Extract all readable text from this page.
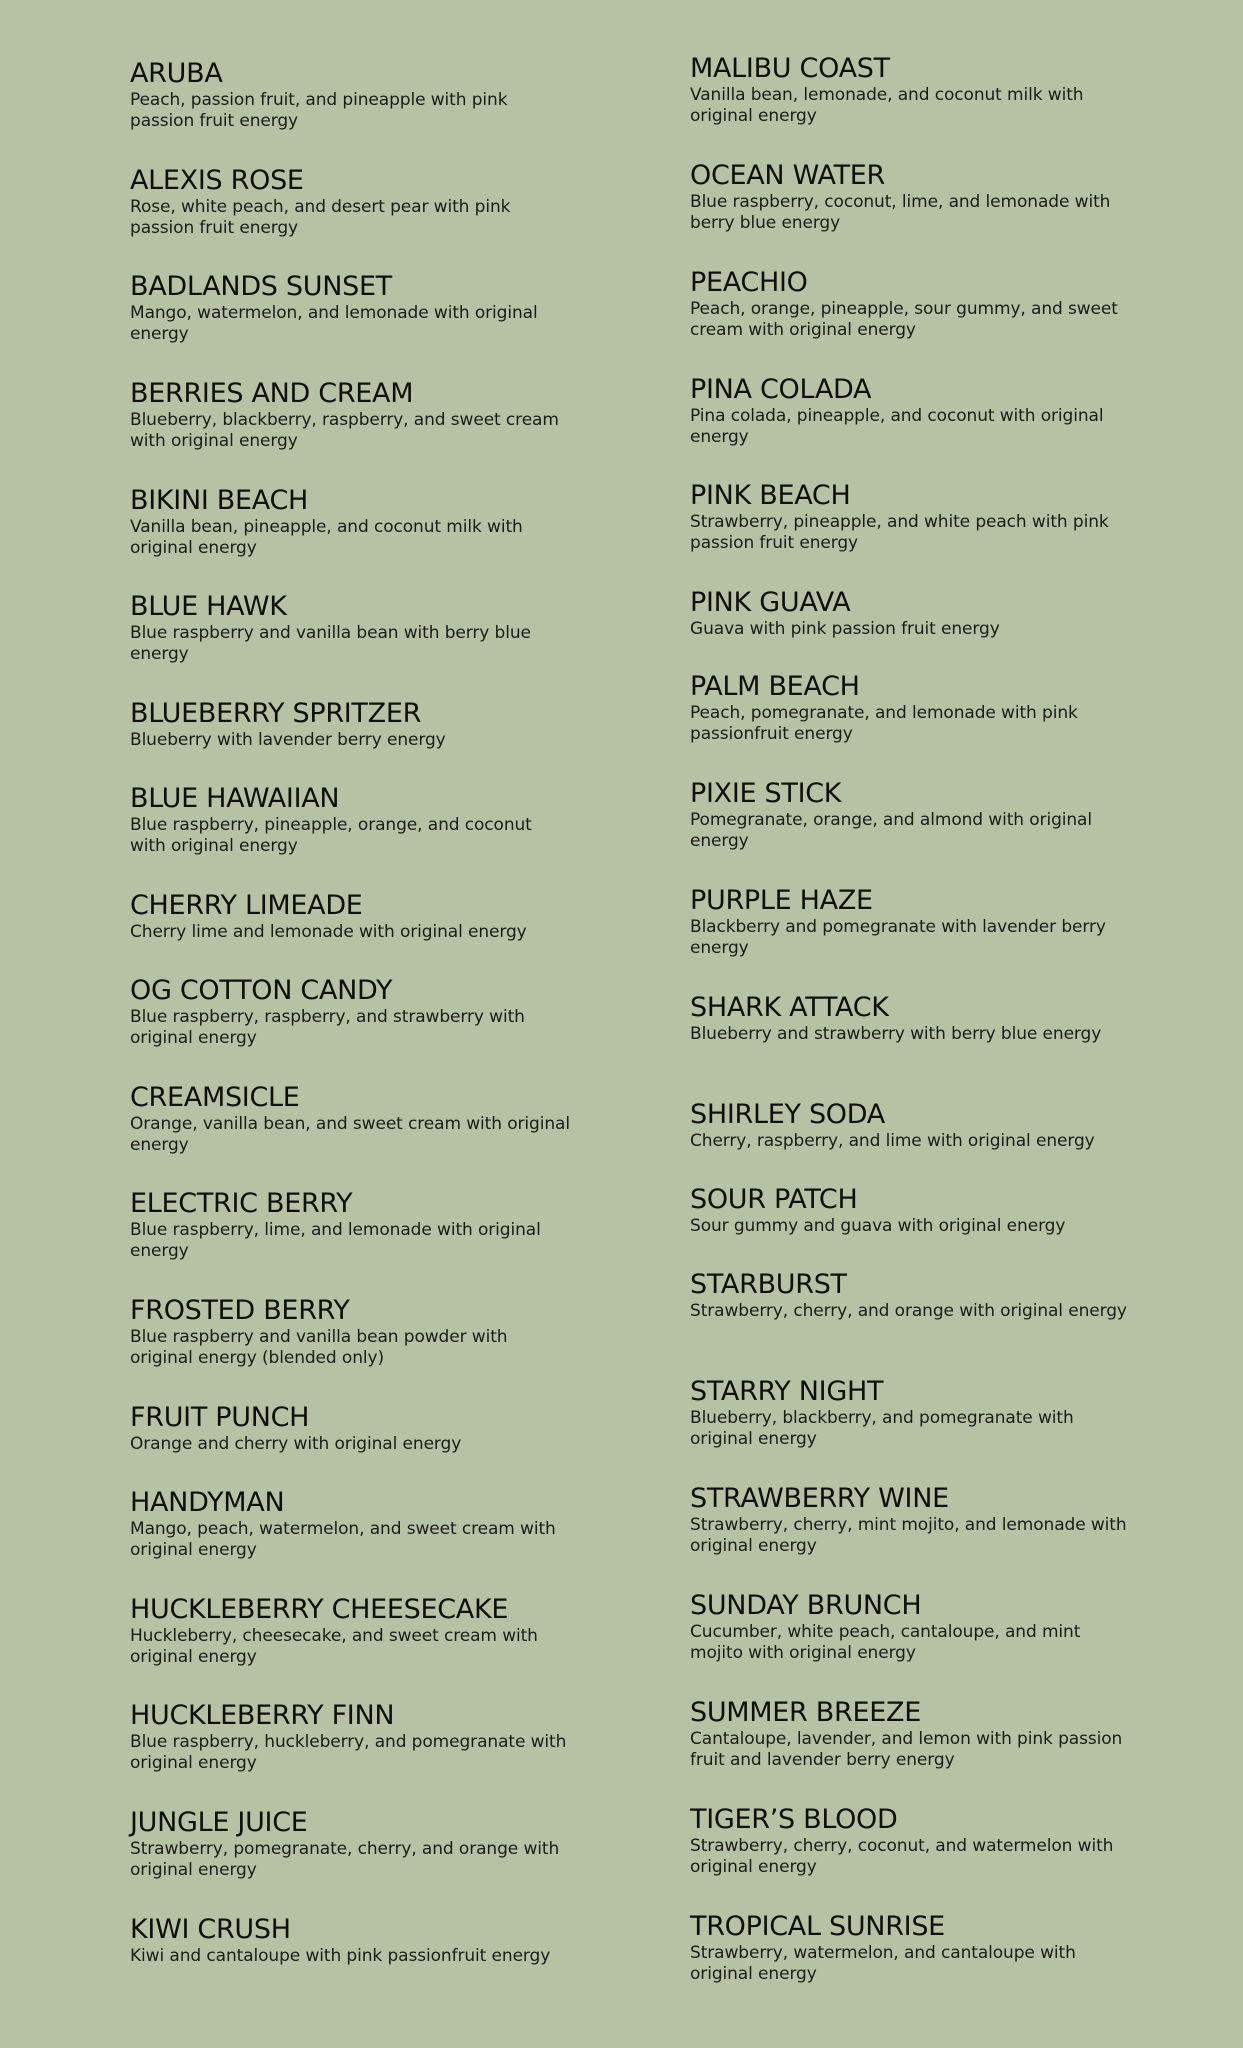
ARUBA
Peach, passion fruit, and pineapple with pink passion fruit energy
ALEXIS ROSE
Rose, white peach, and desert pear with pink passion fruit energy
BADLANDS SUNSET
Mango, watermelon, and lemonade with original energy
BERRIES AND CREAM
Blueberry, blackberry, raspberry, and sweet cream with original energy
BIKINI BEACH
Vanilla bean, pineapple, and coconut milk with original energy
BLUE HAWK
Blue raspberry and vanilla bean with berry blue energy
BLUEBERRY SPRITZER
Blueberry with lavender berry energy
BLUE HAWAIIAN
Blue raspberry, pineapple, orange, and coconut with original energy
CHERRY LIMEADE
Cherry lime and lemonade with original energy
OG COTTON CANDY
Blue raspberry, raspberry, and strawberry with original energy
CREAMSICLE
Orange, vanilla bean, and sweet cream with original energy
ELECTRIC BERRY
Blue raspberry, lime, and lemonade with original energy
FROSTED BERRY
Blue raspberry and vanilla bean powder with original energy (blended only)
FRUIT PUNCH
Orange and cherry with original energy
HANDYMAN
Mango, peach, watermelon, and sweet cream with original energy
HUCKLEBERRY CHEESECAKE
Huckleberry, cheesecake, and sweet cream with original energy
HUCKLEBERRY FINN
Blue raspberry, huckleberry, and pomegranate with original energy
JUNGLE JUICE
Strawberry, pomegranate, cherry, and orange with original energy
KIWI CRUSH
Kiwi and cantaloupe with pink passionfruit energy
MALIBU COAST
Vanilla bean, lemonade, and coconut milk with original energy
OCEAN WATER
Blue raspberry, coconut, lime, and lemonade with berry blue energy
PEACHIO
Peach, orange, pineapple, sour gummy, and sweet cream with original energy
PINA COLADA
Pina colada, pineapple, and coconut with original energy
PINK BEACH
Strawberry, pineapple, and white peach with pink passion fruit energy
PINK GUAVA
Guava with pink passion fruit energy
PALM BEACH
Peach, pomegranate, and lemonade with pink passionfruit energy
PIXIE STICK
Pomegranate, orange, and almond with original energy
PURPLE HAZE
Blackberry and pomegranate with lavender berry energy
SHARK ATTACK
Blueberry and strawberry with berry blue energy
SHIRLEY SODA
Cherry, raspberry, and lime with original energy
SOUR PATCH
Sour gummy and guava with original energy
STARBURST
Strawberry, cherry, and orange with original energy
STARRY NIGHT
Blueberry, blackberry, and pomegranate with original energy
STRAWBERRY WINE
Strawberry, cherry, mint mojito, and lemonade with original energy
SUNDAY BRUNCH
Cucumber, white peach, cantaloupe, and mint mojito with original energy
SUMMER BREEZE
Cantaloupe, lavender, and lemon with pink passion fruit and lavender berry energy
TIGER’S BLOOD
Strawberry, cherry, coconut, and watermelon with original energy
TROPICAL SUNRISE
Strawberry, watermelon, and cantaloupe with original energy
